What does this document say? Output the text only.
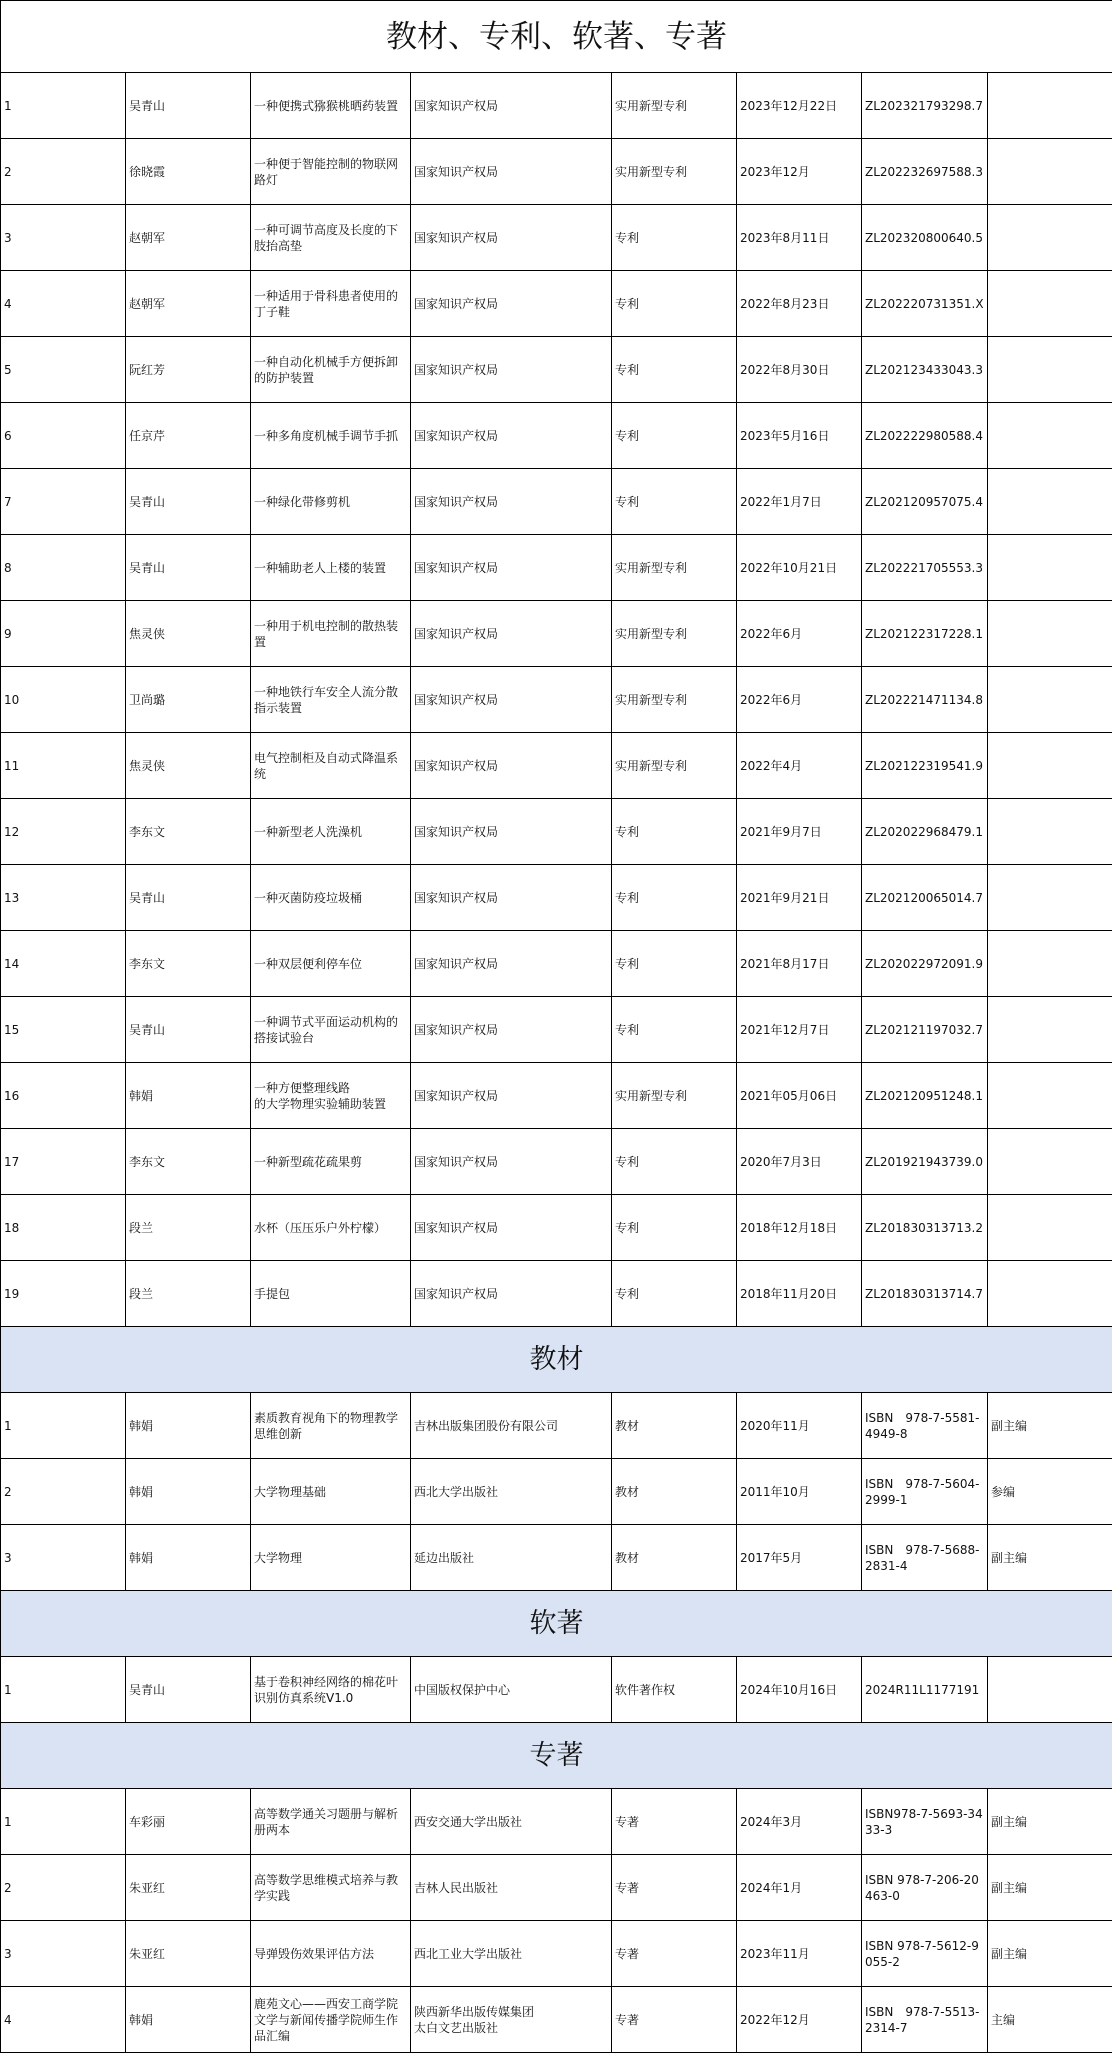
教材、专利、软著、专著							
1	吴青山	一种便携式猕猴桃晒药装置	国家知识产权局	实用新型专利	2023年12月22日	ZL202321793298.7	
2	徐晓霞	一种便于智能控制的物联网路灯	国家知识产权局	实用新型专利	2023年12月	ZL202232697588.3	
3	赵朝军	一种可调节高度及长度的下肢抬高垫	国家知识产权局	专利	2023年8月11日	ZL202320800640.5	
4	赵朝军	一种适用于骨科患者使用的丁子鞋	国家知识产权局	专利	2022年8月23日	ZL202220731351.X	
5	阮红芳	一种自动化机械手方便拆卸的防护装置	国家知识产权局	专利	2022年8月30日	ZL202123433043.3	
6	任京芹	一种多角度机械手调节手抓	国家知识产权局	专利	2023年5月16日	ZL202222980588.4	
7	吴青山	一种绿化带修剪机	国家知识产权局	专利	2022年1月7日	ZL202120957075.4	
8	吴青山	一种辅助老人上楼的装置	国家知识产权局	实用新型专利	2022年10月21日	ZL202221705553.3	
9	焦灵侠	一种用于机电控制的散热装置	国家知识产权局	实用新型专利	2022年6月	ZL202122317228.1	
10	卫尚璐	一种地铁行车安全人流分散指示装置	国家知识产权局	实用新型专利	2022年6月	ZL202221471134.8	
11	焦灵侠	电气控制柜及自动式降温系统	国家知识产权局	实用新型专利	2022年4月	ZL202122319541.9	
12	李东文	一种新型老人洗澡机	国家知识产权局	专利	2021年9月7日	ZL202022968479.1	
13	吴青山	一种灭菌防疫垃圾桶	国家知识产权局	专利	2021年9月21日	ZL202120065014.7	
14	李东文	一种双层便利停车位	国家知识产权局	专利	2021年8月17日	ZL202022972091.9	
15	吴青山	一种调节式平面运动机构的搭接试验台	国家知识产权局	专利	2021年12月7日	ZL202121197032.7	
16	韩娟	一种方便整理线路
的大学物理实验辅助装置	国家知识产权局	实用新型专利	2021年05月06日	ZL202120951248.1	
17	李东文	一种新型疏花疏果剪	国家知识产权局	专利	2020年7月3日	ZL201921943739.0	
18	段兰	水杯（压压乐户外柠檬）	国家知识产权局	专利	2018年12月18日	ZL201830313713.2	
19	段兰	手提包	国家知识产权局	专利	2018年11月20日	ZL201830313714.7	
教材							
1	韩娟	素质教育视角下的物理教学思维创新	吉林出版集团股份有限公司	教材	2020年11月	ISBN　978-7-5581-4949-8	副主编
2	韩娟	大学物理基础	西北大学出版社	教材	2011年10月	ISBN　978-7-5604-2999-1	参编
3	韩娟	大学物理	延边出版社	教材	2017年5月	ISBN　978-7-5688-2831-4	副主编
软著							
1	吴青山	基于卷积神经网络的棉花叶识别仿真系统V1.0	中国版权保护中心	软件著作权	2024年10月16日	2024R11L1177191	
专著							
1	车彩丽	高等数学通关习题册与解析册两本	西安交通大学出版社	专著	2024年3月	ISBN978-7-5693-3433-3	副主编
2	朱亚红	高等数学思维模式培养与教学实践	吉林人民出版社	专著	2024年1月	ISBN 978-7-206-20463-0	副主编
3	朱亚红	导弹毁伤效果评估方法	西北工业大学出版社	专著	2023年11月	ISBN 978-7-5612-9055-2	副主编
4	韩娟	鹿苑文心——西安工商学院文学与新闻传播学院师生作品汇编	陕西新华出版传媒集团
太白文艺出版社	专著	2022年12月	ISBN　978-7-5513-2314-7	主编
